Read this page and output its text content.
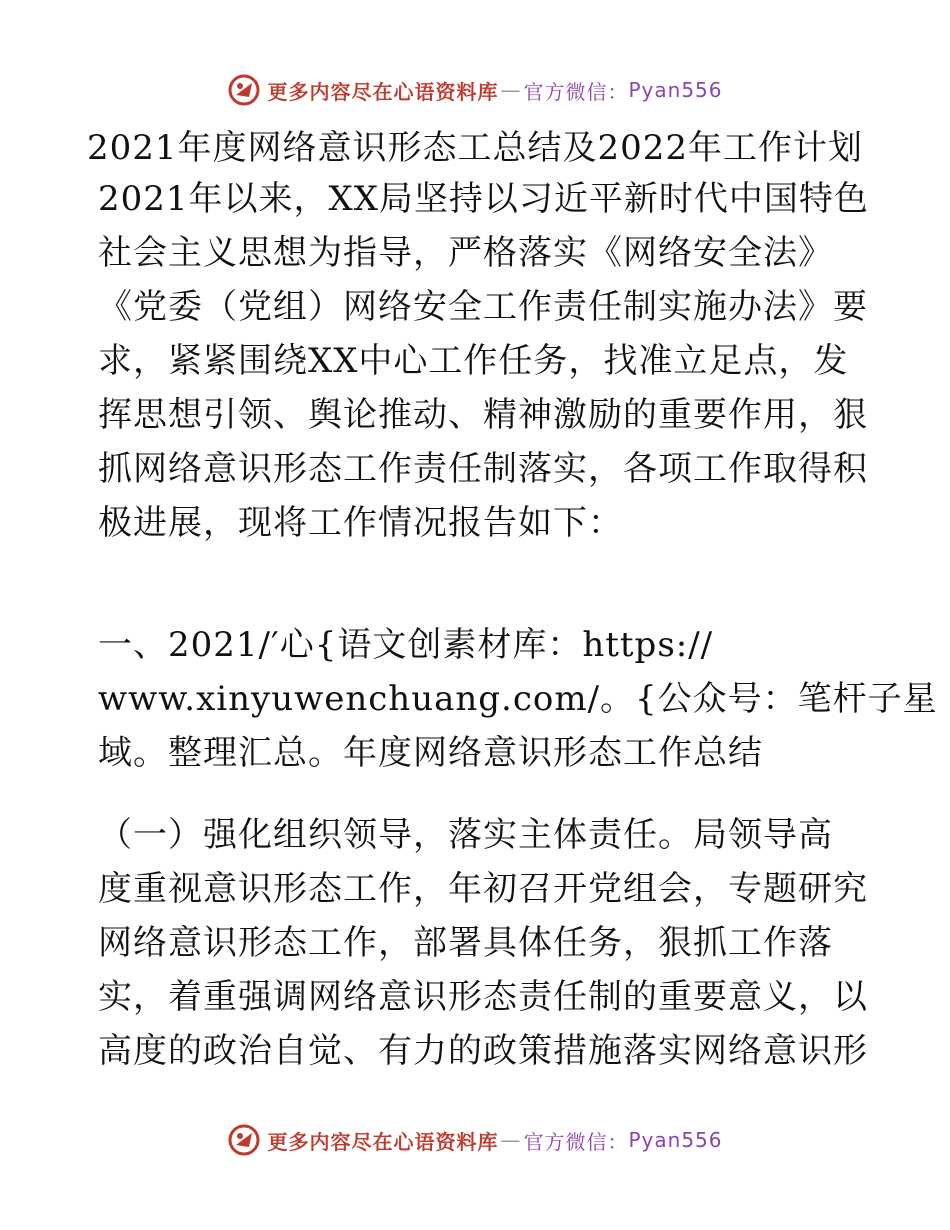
更多内容尽在心语资料库 — 官方微信： Pyan556
2021年度网络意识形态工总结及2022年工作计划
2021年以来，XX局坚持以习近平新时代中国特色
社会主义思想为指导，严格落实《网络安全法》
《党委（党组）网络安全工作责任制实施办法》要
求，紧紧围绕XX中心工作任务，找准立足点，发
挥思想引领、舆论推动、精神激励的重要作用，狠
抓网络意识形态工作责任制落实，各项工作取得积
极进展，现将工作情况报告如下：
一、2021/′心{语文创素材库：https://
www.xinyuwenchuang.com/。{公众号：笔杆子星
域。整理汇总。年度网络意识形态工作总结
（一）强化组织领导，落实主体责任。局领导高
度重视意识形态工作，年初召开党组会，专题研究
网络意识形态工作，部署具体任务，狠抓工作落
实，着重强调网络意识形态责任制的重要意义，以
高度的政治自觉、有力的政策措施落实网络意识形
更多内容尽在心语资料库 — 官方微信： Pyan556
